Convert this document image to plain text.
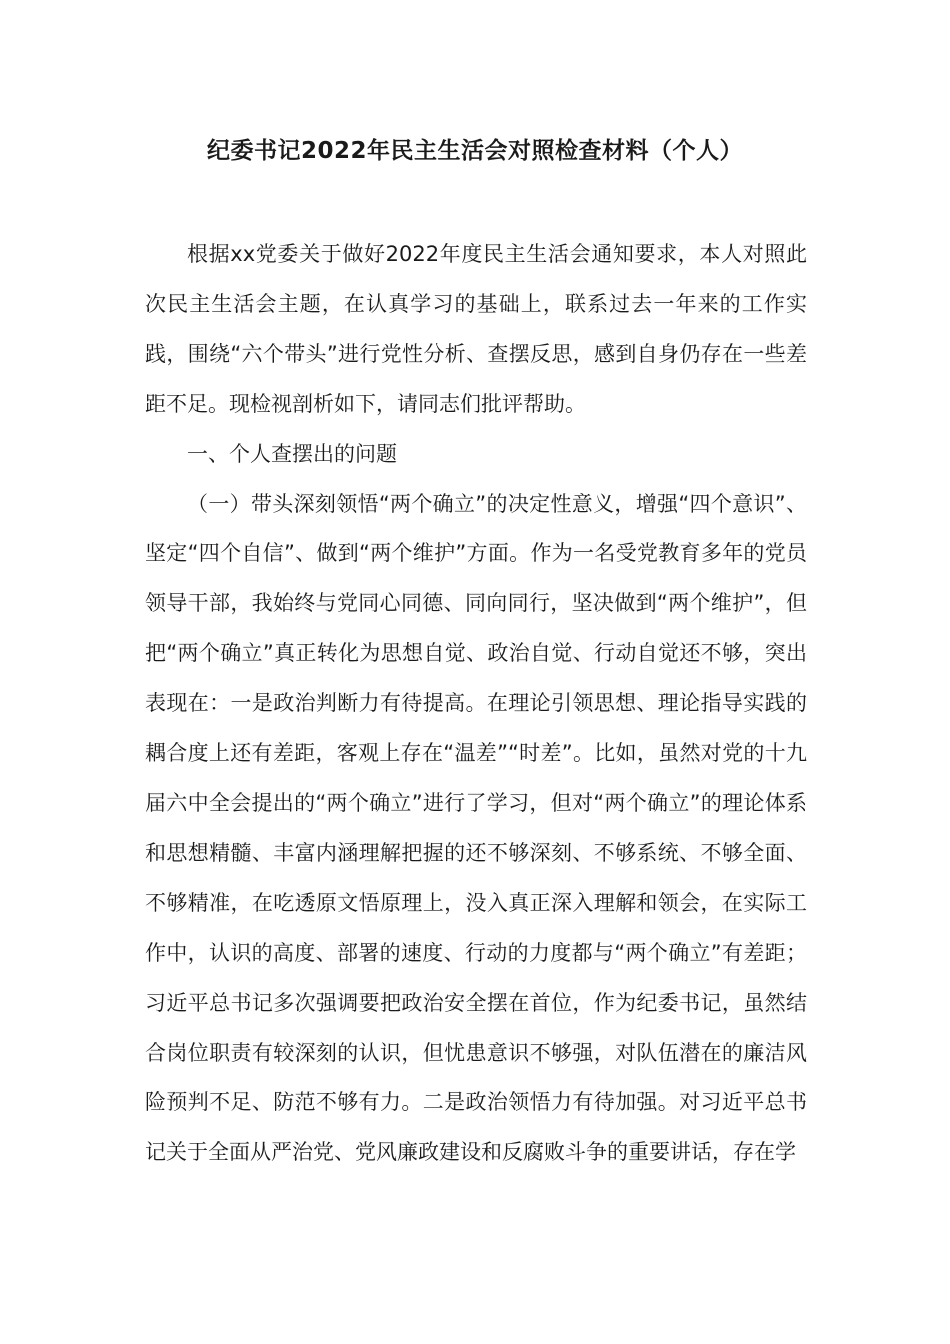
纪委书记2022年民主生活会对照检查材料（个人）

根据xx党委关于做好2022年度民主生活会通知要求，本人对照此次民主生活会主题，在认真学习的基础上，联系过去一年来的工作实践，围绕“六个带头”进行党性分析、查摆反思，感到自身仍存在一些差距不足。现检视剖析如下，请同志们批评帮助。

一、个人查摆出的问题

（一）带头深刻领悟“两个确立”的决定性意义，增强“四个意识”、坚定“四个自信”、做到“两个维护”方面。作为一名受党教育多年的党员领导干部，我始终与党同心同德、同向同行，坚决做到“两个维护”，但把“两个确立”真正转化为思想自觉、政治自觉、行动自觉还不够，突出表现在：一是政治判断力有待提高。在理论引领思想、理论指导实践的耦合度上还有差距，客观上存在“温差”“时差”。比如，虽然对党的十九届六中全会提出的“两个确立”进行了学习，但对“两个确立”的理论体系和思想精髓、丰富内涵理解把握的还不够深刻、不够系统、不够全面、不够精准，在吃透原文悟原理上，没入真正深入理解和领会，在实际工作中，认识的高度、部署的速度、行动的力度都与“两个确立”有差距；习近平总书记多次强调要把政治安全摆在首位，作为纪委书记，虽然结合岗位职责有较深刻的认识，但忧患意识不够强，对队伍潜在的廉洁风险预判不足、防范不够有力。二是政治领悟力有待加强。对习近平总书记关于全面从严治党、党风廉政建设和反腐败斗争的重要讲话，存在学
